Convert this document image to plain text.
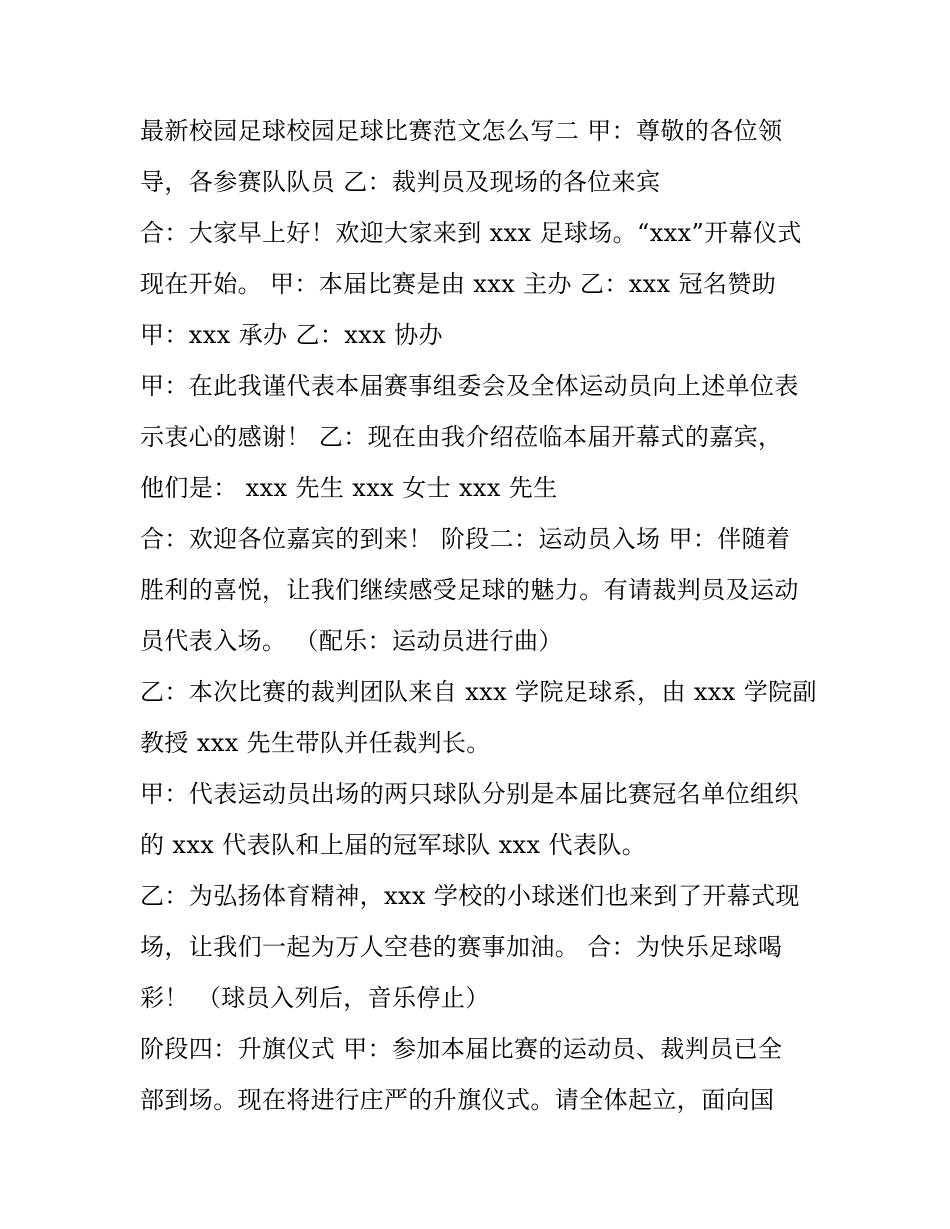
最新校园足球校园足球比赛范文怎么写二 甲：尊敬的各位领
导，各参赛队队员 乙：裁判员及现场的各位来宾
合：大家早上好！欢迎大家来到 xxx 足球场。“xxx”开幕仪式
现在开始。 甲：本届比赛是由 xxx 主办 乙：xxx 冠名赞助
甲：xxx 承办 乙：xxx 协办
甲：在此我谨代表本届赛事组委会及全体运动员向上述单位表
示衷心的感谢！ 乙：现在由我介绍莅临本届开幕式的嘉宾，
他们是： xxx 先生 xxx 女士 xxx 先生
合：欢迎各位嘉宾的到来！ 阶段二：运动员入场 甲：伴随着
胜利的喜悦，让我们继续感受足球的魅力。有请裁判员及运动
员代表入场。 （配乐：运动员进行曲）
乙：本次比赛的裁判团队来自 xxx 学院足球系，由 xxx 学院副
教授 xxx 先生带队并任裁判长。
甲：代表运动员出场的两只球队分别是本届比赛冠名单位组织
的 xxx 代表队和上届的冠军球队 xxx 代表队。
乙：为弘扬体育精神，xxx 学校的小球迷们也来到了开幕式现
场，让我们一起为万人空巷的赛事加油。 合：为快乐足球喝
彩！ （球员入列后，音乐停止）
阶段四：升旗仪式 甲：参加本届比赛的运动员、裁判员已全
部到场。现在将进行庄严的升旗仪式。请全体起立，面向国
